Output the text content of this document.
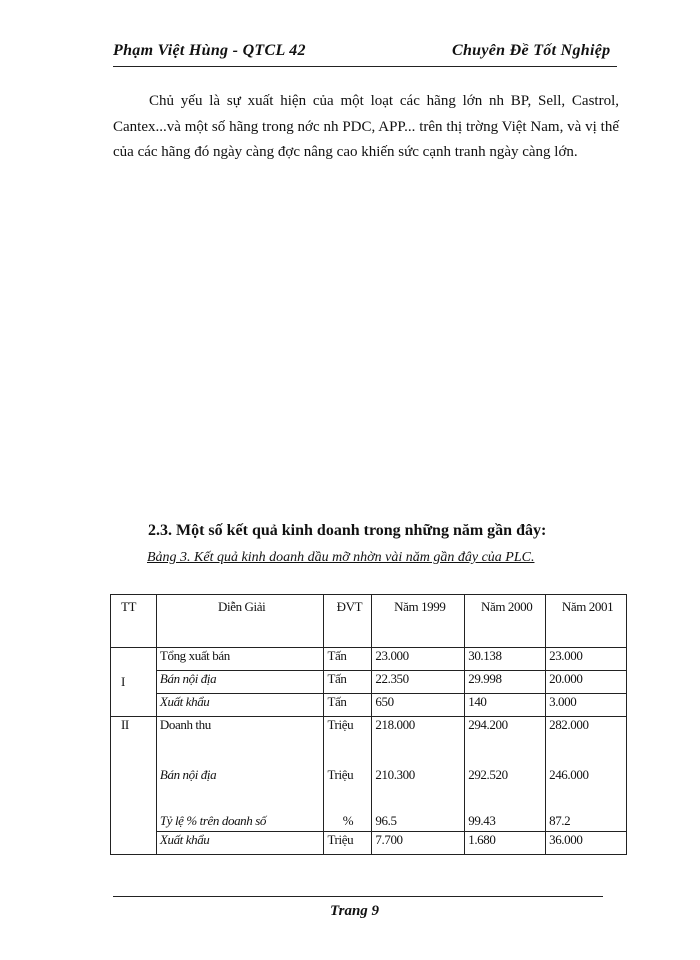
Phạm Việt Hùng - QTCL 42	Chuyên Đề Tốt Nghiệp

Chủ yếu là sự xuất hiện của một loạt các hãng lớn nh BP, Sell, Castrol, Cantex...và một số hãng trong nớc nh PDC, APP... trên thị trờng Việt Nam, và vị thế của các hãng đó ngày càng đợc nâng cao khiến sức cạnh tranh ngày càng lớn.

2.3. Một số kết quả kinh doanh trong những năm gần đây:

Bảng 3. Kết quả kinh doanh dầu mỡ nhờn vài năm gần đây của PLC.

TT	Diễn Giải	ĐVT	Năm 1999	Năm 2000	Năm 2001
I	Tổng xuất bán	Tấn	23.000	30.138	23.000
	Bán nội địa	Tấn	22.350	29.998	20.000
	Xuất khẩu	Tấn	650	140	3.000
II	Doanh thu	Triệu	218.000	294.200	282.000
	Bán nội địa	Triệu	210.300	292.520	246.000
	Tỷ lệ % trên doanh số	%	96.5	99.43	87.2
	Xuất khẩu	Triệu	7.700	1.680	36.000
Trang 9
